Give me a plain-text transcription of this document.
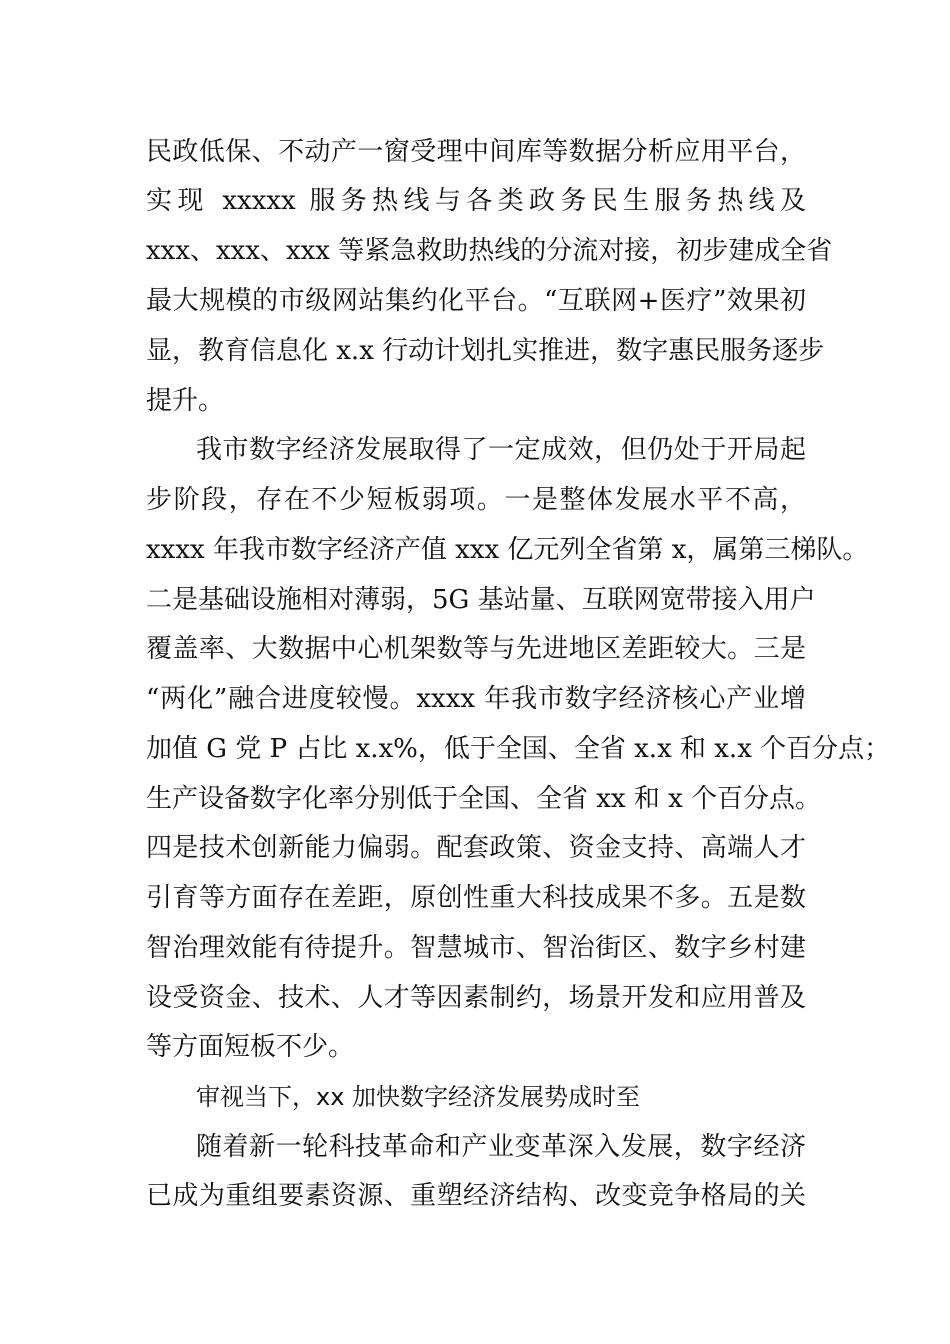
民政低保、不动产一窗受理中间库等数据分析应用平台，
实现 xxxxx 服务热线与各类政务民生服务热线及
xxx、xxx、xxx 等紧急救助热线的分流对接，初步建成全省
最大规模的市级网站集约化平台。“互联网+医疗”效果初
显，教育信息化 x.x 行动计划扎实推进，数字惠民服务逐步
提升。
我市数字经济发展取得了一定成效，但仍处于开局起
步阶段，存在不少短板弱项。一是整体发展水平不高，
xxxx 年我市数字经济产值 xxx 亿元列全省第 x，属第三梯队。
二是基础设施相对薄弱，5G 基站量、互联网宽带接入用户
覆盖率、大数据中心机架数等与先进地区差距较大。三是
“两化”融合进度较慢。xxxx 年我市数字经济核心产业增
加值 G 党 P 占比 x.x%，低于全国、全省 x.x 和 x.x 个百分点；
生产设备数字化率分别低于全国、全省 xx 和 x 个百分点。
四是技术创新能力偏弱。配套政策、资金支持、高端人才
引育等方面存在差距，原创性重大科技成果不多。五是数
智治理效能有待提升。智慧城市、智治街区、数字乡村建
设受资金、技术、人才等因素制约，场景开发和应用普及
等方面短板不少。
审视当下，xx 加快数字经济发展势成时至
随着新一轮科技革命和产业变革深入发展，数字经济
已成为重组要素资源、重塑经济结构、改变竞争格局的关
